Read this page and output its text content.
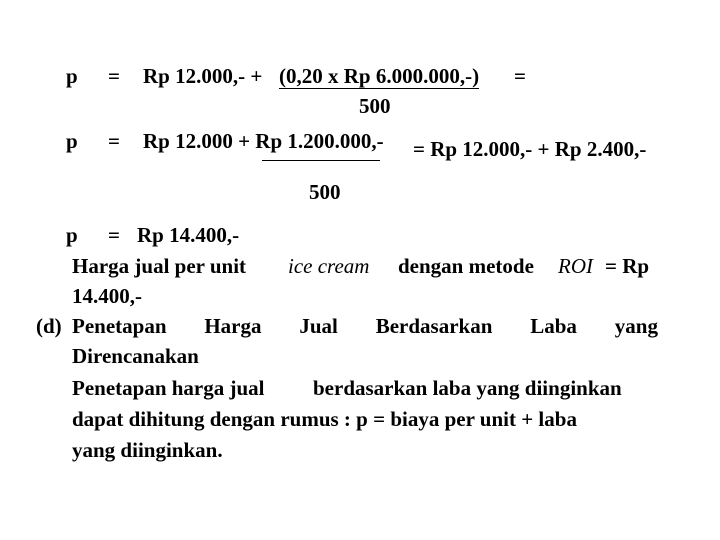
p = Rp 12.000,- + (0,20 x Rp 6.000.000,-) =
500
p = Rp 12.000 + Rp 1.200.000,- = Rp 12.000,- + Rp 2.400,-
500
p = Rp 14.400,-
Harga jual per unit ice cream dengan metode ROI = Rp
14.400,-
(d) Penetapan Harga Jual Berdasarkan Laba yang
Direncanakan
Penetapan harga jual berdasarkan laba yang diinginkan
dapat dihitung dengan rumus : p = biaya per unit + laba
yang diinginkan.
